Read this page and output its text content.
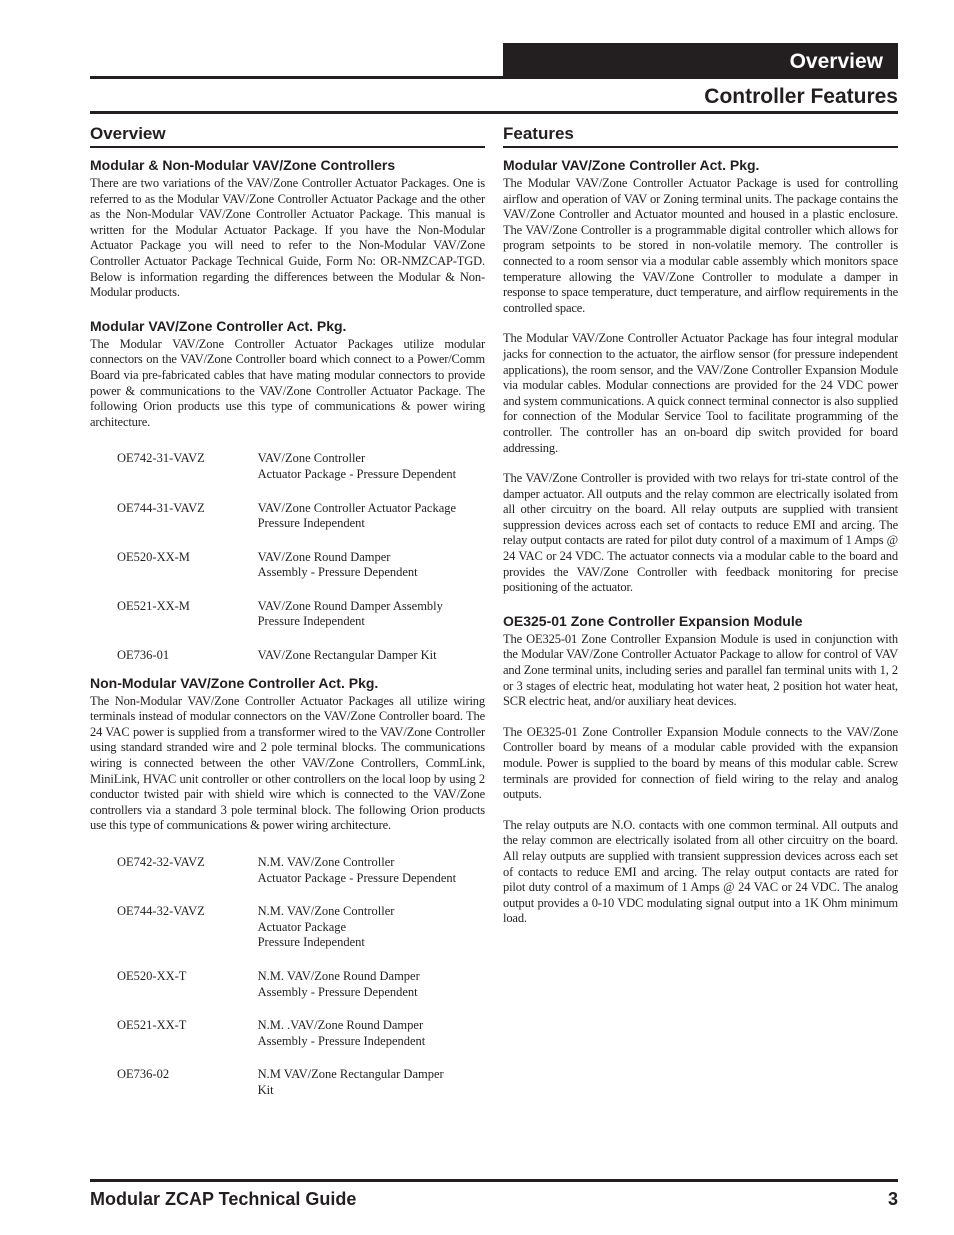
Overview
Controller Features
Overview
Modular & Non-Modular VAV/Zone Controllers

There are two variations of the VAV/Zone Controller Actuator Packages. One is referred to as the Modular VAV/Zone Controller Actuator Package and the other as the Non-Modular VAV/Zone Controller Actuator Package. This manual is written for the Modular Actuator Package. If you have the Non-Modular Actuator Package you will need to refer to the Non-Modular VAV/Zone Controller Actuator Package Technical Guide, Form No: OR-NMZCAP-TGD. Below is information regarding the differences between the Modular & Non-Modular products.

Modular VAV/Zone Controller Act. Pkg.

The Modular VAV/Zone Controller Actuator Packages utilize modular connectors on the VAV/Zone Controller board which connect to a Power/Comm Board via pre-fabricated cables that have mating modular connectors to provide power & communications to the VAV/Zone Controller Actuator Package. The following Orion products use this type of communications & power wiring architecture.

OE742-31-VAVZ	VAV/Zone Controller
Actuator Package - Pressure Dependent
OE744-31-VAVZ	VAV/Zone Controller Actuator Package
Pressure Independent
OE520-XX-M	VAV/Zone Round Damper
Assembly - Pressure Dependent
OE521-XX-M	VAV/Zone Round Damper Assembly
Pressure Independent
OE736-01	VAV/Zone Rectangular Damper Kit
Non-Modular VAV/Zone Controller Act. Pkg.

The Non-Modular VAV/Zone Controller Actuator Packages all utilize wiring terminals instead of modular connectors on the VAV/Zone Controller board. The 24 VAC power is supplied from a transformer wired to the VAV/Zone Controller using standard stranded wire and 2 pole terminal blocks. The communications wiring is connected between the other VAV/Zone Controllers, CommLink, MiniLink, HVAC unit controller or other controllers on the local loop by using 2 conductor twisted pair with shield wire which is connected to the VAV/Zone controllers via a standard 3 pole terminal block. The following Orion products use this type of communications & power wiring architecture.

OE742-32-VAVZ	N.M. VAV/Zone Controller
Actuator Package - Pressure Dependent
OE744-32-VAVZ	N.M. VAV/Zone Controller
Actuator Package
Pressure Independent
OE520-XX-T	N.M. VAV/Zone Round Damper
Assembly - Pressure Dependent
OE521-XX-T	N.M. .VAV/Zone Round Damper
Assembly - Pressure Independent
OE736-02	N.M VAV/Zone Rectangular Damper
Kit
Features
Modular VAV/Zone Controller Act. Pkg.

The Modular VAV/Zone Controller Actuator Package is used for controlling airflow and operation of VAV or Zoning terminal units. The package contains the VAV/Zone Controller and Actuator mounted and housed in a plastic enclosure. The VAV/Zone Controller is a programmable digital controller which allows for program setpoints to be stored in non-volatile memory. The controller is connected to a room sensor via a modular cable assembly which monitors space temperature allowing the VAV/Zone Controller to modulate a damper in response to space temperature, duct temperature, and airflow requirements in the controlled space.

The Modular VAV/Zone Controller Actuator Package has four integral modular jacks for connection to the actuator, the airflow sensor (for pressure independent applications), the room sensor, and the VAV/Zone Controller Expansion Module via modular cables. Modular connections are provided for the 24 VDC power and system communications. A quick connect terminal connector is also supplied for connection of the Modular Service Tool to facilitate programming of the controller. The controller has an on-board dip switch provided for board addressing.

The VAV/Zone Controller is provided with two relays for tri-state control of the damper actuator. All outputs and the relay common are electrically isolated from all other circuitry on the board. All relay outputs are supplied with transient suppression devices across each set of contacts to reduce EMI and arcing. The relay output contacts are rated for pilot duty control of a maximum of 1 Amps @ 24 VAC or 24 VDC. The actuator connects via a modular cable to the board and provides the VAV/Zone Controller with feedback monitoring for precise positioning of the actuator.

OE325-01 Zone Controller Expansion Module

The OE325-01 Zone Controller Expansion Module is used in conjunction with the Modular VAV/Zone Controller Actuator Package to allow for control of VAV and Zone terminal units, including series and parallel fan terminal units with 1, 2 or 3 stages of electric heat, modulating hot water heat, 2 position hot water heat, SCR electric heat, and/or auxiliary heat devices.

The OE325-01 Zone Controller Expansion Module connects to the VAV/Zone Controller board by means of a modular cable provided with the expansion module. Power is supplied to the board by means of this modular cable. Screw terminals are provided for connection of field wiring to the relay and analog outputs.

The relay outputs are N.O. contacts with one common terminal. All outputs and the relay common are electrically isolated from all other circuitry on the board. All relay outputs are supplied with transient suppression devices across each set of contacts to reduce EMI and arcing. The relay output contacts are rated for pilot duty control of a maximum of 1 Amps @ 24 VAC or 24 VDC. The analog output provides a 0-10 VDC modulating signal output into a 1K Ohm minimum load.

Modular ZCAP Technical Guide	3
